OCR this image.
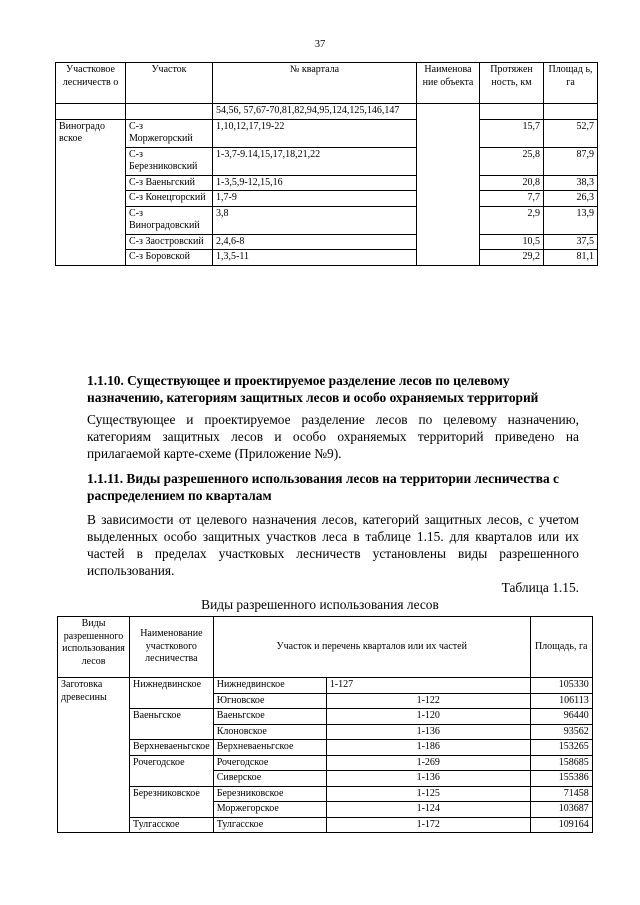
37
Участковое лесничеств о	Участок	№ квартала	Наименова ние объекта	Протяжен ность, км	Площад ь, га
		54,56, 57,67-70,81,82,94,95,124,125,146,147			
Виноградо вское	С-з Моржегорский	1,10,12,17,19-22		15,7	52,7
	С-з Березниковский	1-3,7-9.14,15,17,18,21,22		25,8	87,9
	С-з Ваеньгский	1-3,5,9-12,15,16		20,8	38,3
	С-з Конецгорский	1,7-9		7,7	26,3
	С-з Виноградовский	3,8		2,9	13,9
	С-з Заостровский	2,4,6-8		10,5	37,5
	С-з Боровской	1,3,5-11		29,2	81,1
1.1.10. Существующее и проектируемое разделение лесов по целевому назначению, категориям защитных лесов и особо охраняемых территорий
Существующее и проектируемое разделение лесов по целевому назначению, категориям защитных лесов и особо охраняемых территорий приведено на прилагаемой карте-схеме (Приложение №9).
1.1.11. Виды разрешенного использования лесов на территории лесничества с распределением по кварталам
В зависимости от целевого назначения лесов, категорий защитных лесов, с учетом выделенных особо защитных участков леса в таблице 1.15. для кварталов или их частей в пределах участковых лесничеств установлены виды разрешенного использования.
Таблица 1.15.
Виды разрешенного использования лесов
Виды разрешенного использования лесов	Наименование участкового лесничества	Участок и перечень кварталов или их частей		Площадь, га
Заготовка древесины	Нижнедвинское	Нижнедвинское	1-127	105330
		Югновское	1-122	106113
	Ваеньгское	Ваеньгское	1-120	96440
		Клоновское	1-136	93562
	Верхневаеньгское	Верхневаеньгское	1-186	153265
	Рочегодское	Рочегодское	1-269	158685
		Сиверское	1-136	155386
	Березниковское	Березниковское	1-125	71458
		Моржегорское	1-124	103687
	Тулгасское	Тулгасское	1-172	109164
